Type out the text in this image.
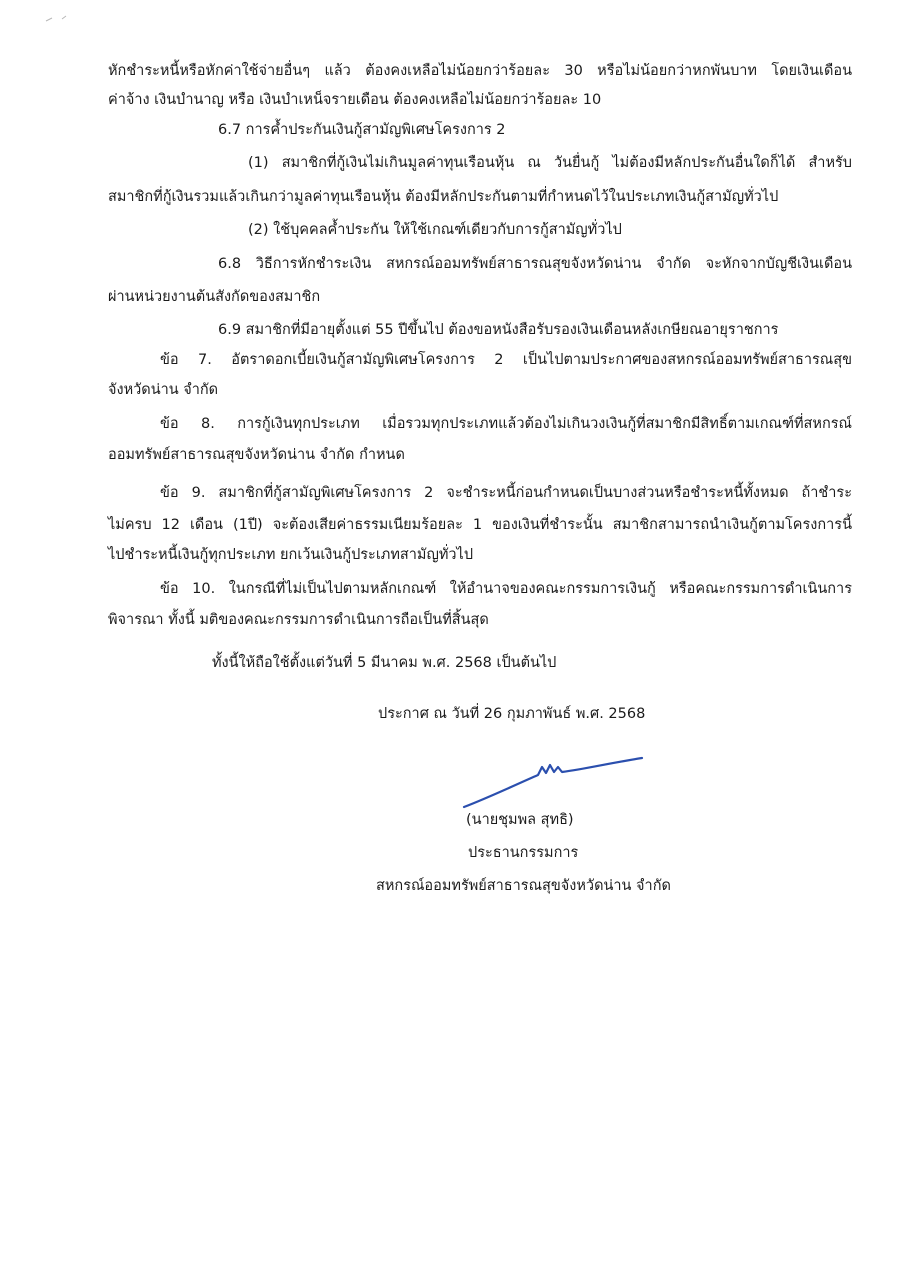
หักชำระหนี้หรือหักค่าใช้จ่ายอื่นๆ แล้ว ต้องคงเหลือไม่น้อยกว่าร้อยละ 30 หรือไม่น้อยกว่าหกพันบาท โดยเงินเดือน
ค่าจ้าง เงินบำนาญ หรือ เงินบำเหน็จรายเดือน ต้องคงเหลือไม่น้อยกว่าร้อยละ 10
6.7 การค้ำประกันเงินกู้สามัญพิเศษโครงการ 2
(1) สมาชิกที่กู้เงินไม่เกินมูลค่าทุนเรือนหุ้น ณ วันยื่นกู้ ไม่ต้องมีหลักประกันอื่นใดก็ได้ สำหรับ
สมาชิกที่กู้เงินรวมแล้วเกินกว่ามูลค่าทุนเรือนหุ้น ต้องมีหลักประกันตามที่กำหนดไว้ในประเภทเงินกู้สามัญทั่วไป
(2) ใช้บุคคลค้ำประกัน ให้ใช้เกณฑ์เดียวกับการกู้สามัญทั่วไป
6.8 วิธีการหักชำระเงิน สหกรณ์ออมทรัพย์สาธารณสุขจังหวัดน่าน จำกัด จะหักจากบัญชีเงินเดือน
ผ่านหน่วยงานต้นสังกัดของสมาชิก
6.9 สมาชิกที่มีอายุตั้งแต่ 55 ปีขึ้นไป ต้องขอหนังสือรับรองเงินเดือนหลังเกษียณอายุราชการ
ข้อ 7. อัตราดอกเบี้ยเงินกู้สามัญพิเศษโครงการ 2 เป็นไปตามประกาศของสหกรณ์ออมทรัพย์สาธารณสุข
จังหวัดน่าน จำกัด
ข้อ 8. การกู้เงินทุกประเภท เมื่อรวมทุกประเภทแล้วต้องไม่เกินวงเงินกู้ที่สมาชิกมีสิทธิ์ตามเกณฑ์ที่สหกรณ์
ออมทรัพย์สาธารณสุขจังหวัดน่าน จำกัด กำหนด
ข้อ 9. สมาชิกที่กู้สามัญพิเศษโครงการ 2 จะชำระหนี้ก่อนกำหนดเป็นบางส่วนหรือชำระหนี้ทั้งหมด ถ้าชำระ
ไม่ครบ 12 เดือน (1ปี) จะต้องเสียค่าธรรมเนียมร้อยละ 1 ของเงินที่ชำระนั้น สมาชิกสามารถนำเงินกู้ตามโครงการนี้
ไปชำระหนี้เงินกู้ทุกประเภท ยกเว้นเงินกู้ประเภทสามัญทั่วไป
ข้อ 10. ในกรณีที่ไม่เป็นไปตามหลักเกณฑ์ ให้อำนาจของคณะกรรมการเงินกู้ หรือคณะกรรมการดำเนินการ
พิจารณา ทั้งนี้ มติของคณะกรรมการดำเนินการถือเป็นที่สิ้นสุด
ทั้งนี้ให้ถือใช้ตั้งแต่วันที่ 5 มีนาคม พ.ศ. 2568 เป็นต้นไป
ประกาศ ณ วันที่ 26 กุมภาพันธ์ พ.ศ. 2568
(นายชุมพล สุทธิ)
ประธานกรรมการ
สหกรณ์ออมทรัพย์สาธารณสุขจังหวัดน่าน จำกัด
